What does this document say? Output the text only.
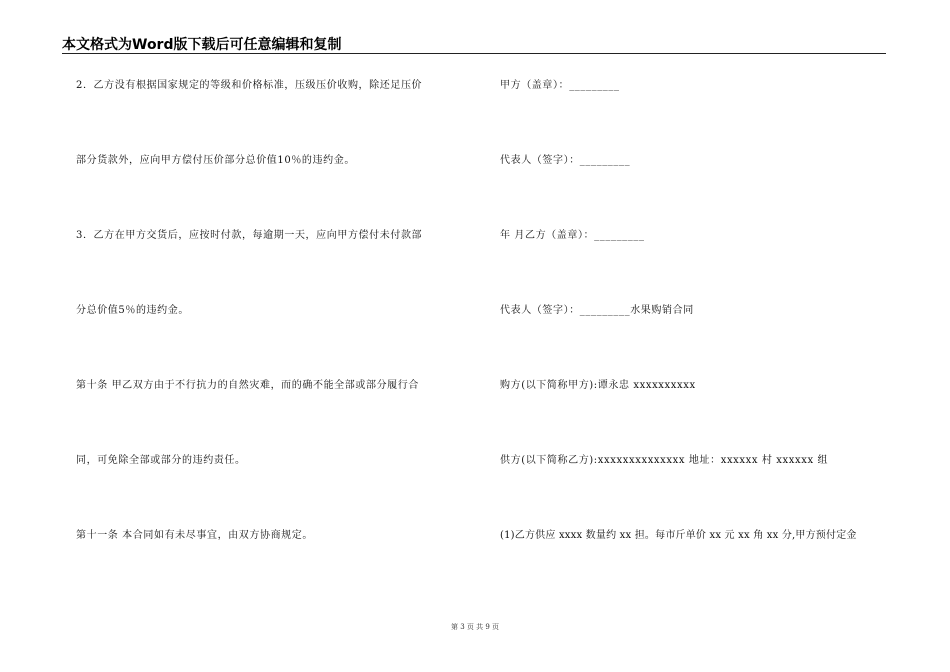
本文格式为Word版下载后可任意编辑和复制
2．乙方没有根据国家规定的等级和价格标准，压级压价收购，除还足压价
部分货款外，应向甲方偿付压价部分总价值10％的违约金。
3．乙方在甲方交货后，应按时付款，每逾期一天，应向甲方偿付未付款部
分总价值5％的违约金。
第十条 甲乙双方由于不行抗力的自然灾难，而的确不能全部或部分履行合
同，可免除全部或部分的违约责任。
第十一条 本合同如有未尽事宜，由双方协商规定。
甲方（盖章）：_________
代表人（签字）：_________
年 月乙方（盖章）：_________
代表人（签字）：_________水果购销合同
购方(以下简称甲方):谭永忠 xxxxxxxxxx
供方(以下简称乙方):xxxxxxxxxxxxxx 地址：xxxxxx 村 xxxxxx 组
(1)乙方供应 xxxx 数量约 xx 担。每市斤单价 xx 元 xx 角 xx 分,甲方预付定金
第 3 页 共 9 页
